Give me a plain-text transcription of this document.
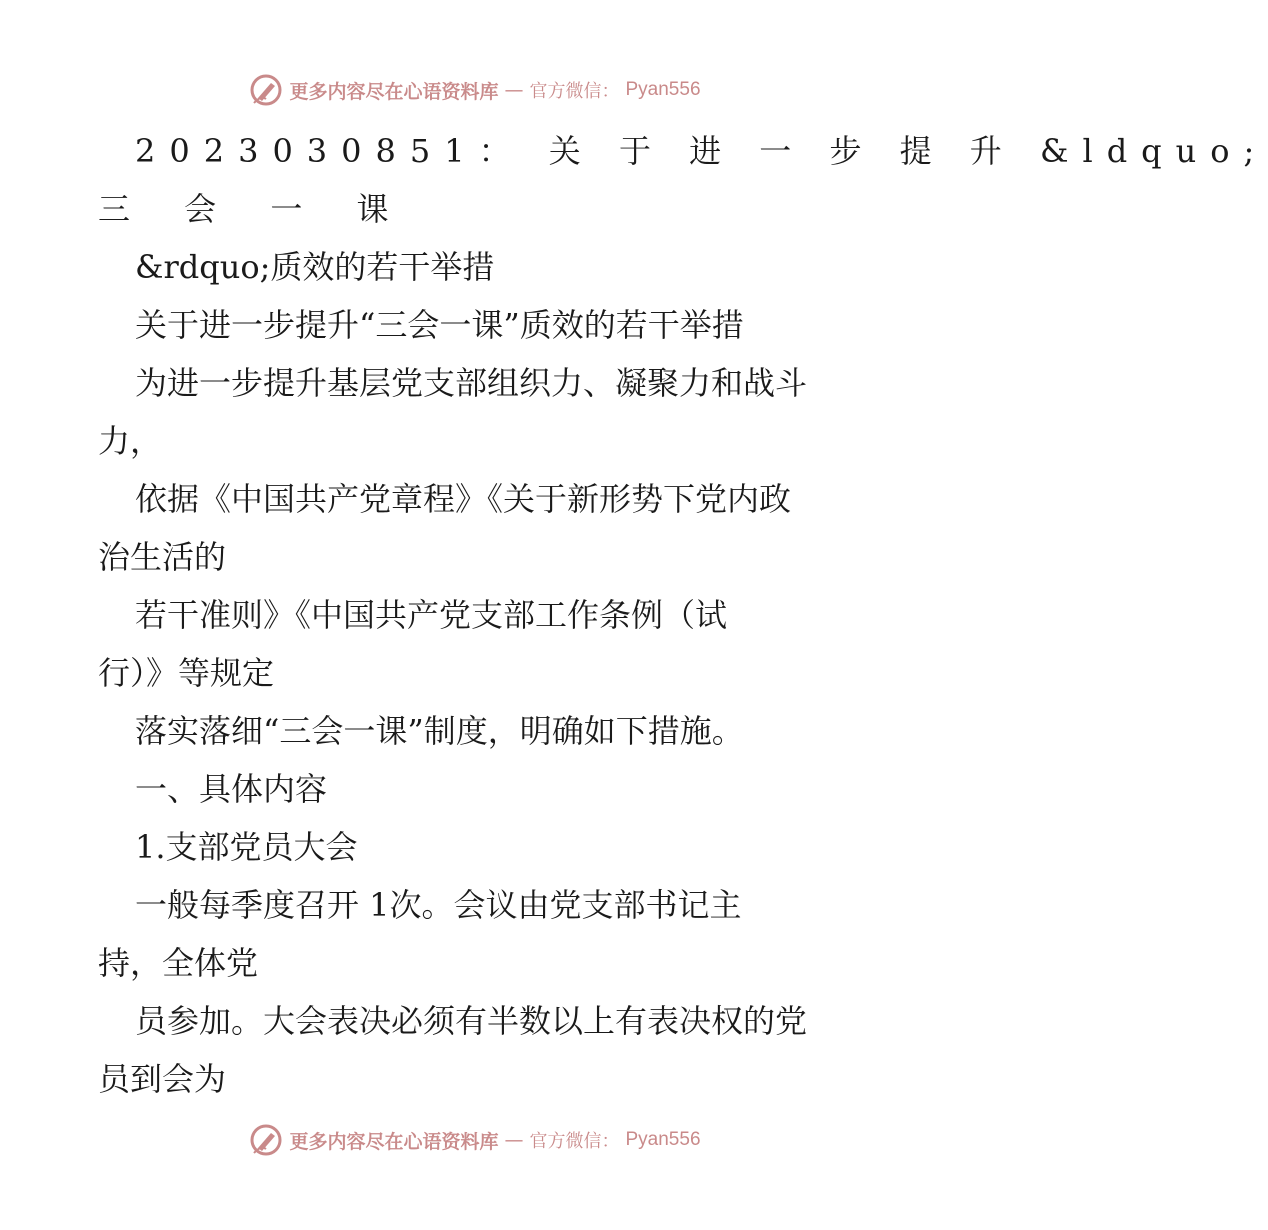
更多内容尽在心语资料库 — 官方微信： Pyan556
2023030851： 关 于 进 一 步 提 升 &ldquo;
三 会 一 课
&rdquo;质效的若干举措
关于进一步提升“三会一课”质效的若干举措
为进一步提升基层党支部组织力、凝聚力和战斗
力，
依据《中国共产党章程》《关于新形势下党内政
治生活的
若干准则》《中国共产党支部工作条例（试
行）》等规定
落实落细“三会一课”制度，明确如下措施。
一、具体内容
1.支部党员大会
一般每季度召开 1次。会议由党支部书记主
持，全体党
员参加。大会表决必须有半数以上有表决权的党
员到会为
更多内容尽在心语资料库 — 官方微信： Pyan556
